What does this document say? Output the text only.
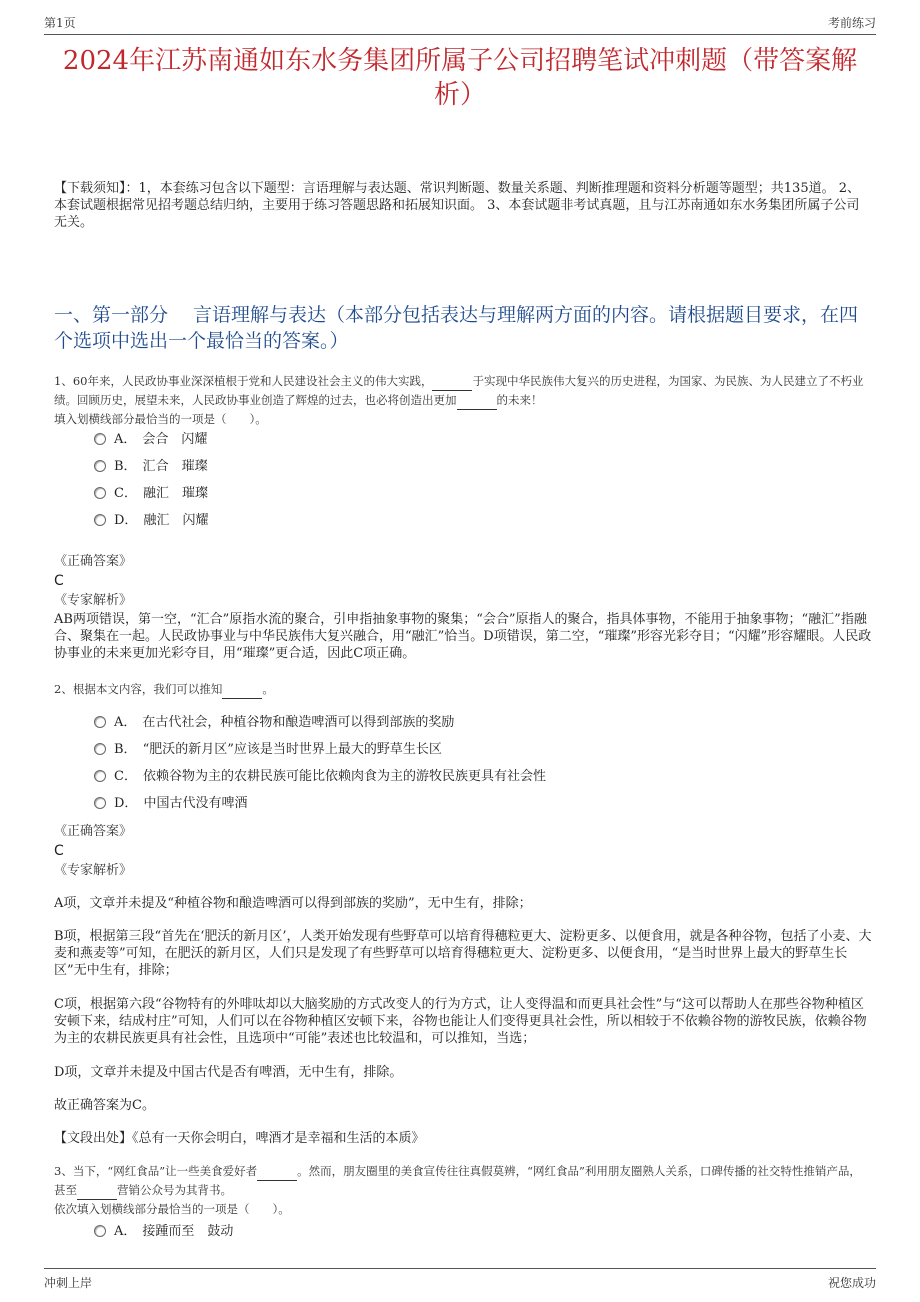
第1页	考前练习
2024年江苏南通如东水务集团所属子公司招聘笔试冲刺题（带答案解析）
【下载须知】：1，本套练习包含以下题型：言语理解与表达题、常识判断题、数量关系题、判断推理题和资料分析题等题型；共135道。 2、本套试题根据常见招考题总结归纳，主要用于练习答题思路和拓展知识面。 3、本套试题非考试真题，且与江苏南通如东水务集团所属子公司无关。
一、第一部分　 言语理解与表达（本部分包括表达与理解两方面的内容。请根据题目要求，在四个选项中选出一个最恰当的答案。）
1、60年来，人民政协事业深深植根于党和人民建设社会主义的伟大实践，	于实现中华民族伟大复兴的历史进程，为国家、为民族、为人民建立了不朽业绩。回顾历史，展望未来，人民政协事业创造了辉煌的过去，也必将创造出更加	的未来！
填入划横线部分最恰当的一项是（　　）。
A． 会合　闪耀
B． 汇合　璀璨
C． 融汇　璀璨
D． 融汇　闪耀
《正确答案》
C
《专家解析》
AB两项错误，第一空，“汇合”原指水流的聚合，引申指抽象事物的聚集；“会合”原指人的聚合，指具体事物，不能用于抽象事物；“融汇”指融合、聚集在一起。人民政协事业与中华民族伟大复兴融合，用“融汇”恰当。D项错误，第二空，“璀璨”形容光彩夺目；“闪耀”形容耀眼。人民政协事业的未来更加光彩夺目，用“璀璨”更合适，因此C项正确。
2、根据本文内容，我们可以推知	。
A． 在古代社会，种植谷物和酿造啤酒可以得到部族的奖励
B． “肥沃的新月区”应该是当时世界上最大的野草生长区
C． 依赖谷物为主的农耕民族可能比依赖肉食为主的游牧民族更具有社会性
D． 中国古代没有啤酒
《正确答案》
C
《专家解析》
A项，文章并未提及“种植谷物和酿造啤酒可以得到部族的奖励”，无中生有，排除；
B项，根据第三段“首先在‘肥沃的新月区’，人类开始发现有些野草可以培育得穗粒更大、淀粉更多、以便食用，就是各种谷物，包括了小麦、大麦和燕麦等”可知，在肥沃的新月区，人们只是发现了有些野草可以培育得穗粒更大、淀粉更多、以便食用，“是当时世界上最大的野草生长区”无中生有，排除；
C项，根据第六段“谷物特有的外啡呔却以大脑奖励的方式改变人的行为方式，让人变得温和而更具社会性”与“这可以帮助人在那些谷物种植区安顿下来，结成村庄”可知，人们可以在谷物种植区安顿下来，谷物也能让人们变得更具社会性，所以相较于不依赖谷物的游牧民族，依赖谷物为主的农耕民族更具有社会性，且选项中“可能”表述也比较温和，可以推知，当选；
D项，文章并未提及中国古代是否有啤酒，无中生有，排除。
故正确答案为C。
【文段出处】《总有一天你会明白，啤酒才是幸福和生活的本质》
3、当下，“网红食品”让一些美食爱好者	。然而，朋友圈里的美食宣传往往真假莫辨，“网红食品”利用朋友圈熟人关系，口碑传播的社交特性推销产品，甚至	营销公众号为其背书。
依次填入划横线部分最恰当的一项是（　　）。
A． 接踵而至　鼓动
冲刺上岸	祝您成功
